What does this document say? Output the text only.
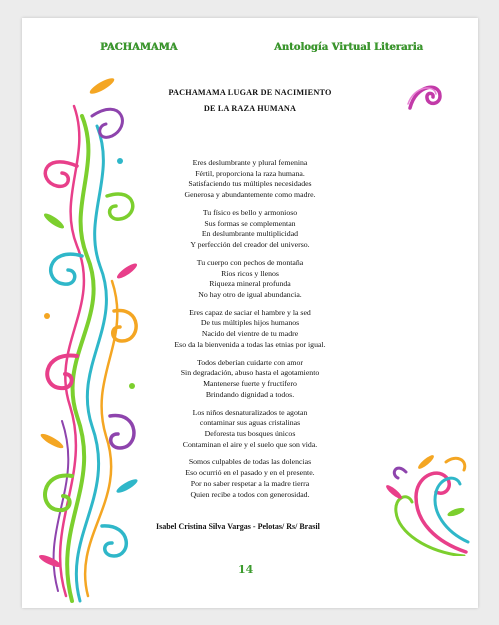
PACHAMAMA	Antología Virtual Literaria
PACHAMAMA LUGAR DE NACIMIENTO
DE LA RAZA HUMANA
Eres deslumbrante y plural femenina
Fértil, proporciona la raza humana.
Satisfaciendo tus múltiples necesidades
Generosa y abundantemente como madre.
Tu físico es bello y armonioso
Sus formas se complementan
En deslumbrante multiplicidad
Y perfección del creador del universo.
Tu cuerpo con pechos de montaña
Ríos ricos y llenos
Riqueza mineral profunda
No hay otro de igual abundancia.
Eres capaz de saciar el hambre y la sed
De tus múltiples hijos humanos
Nacido del vientre de tu madre
Eso da la bienvenida a todas las etnias por igual.
Todos deberían cuidarte con amor
Sin degradación, abuso hasta el agotamiento
Mantenerse fuerte y fructífero
Brindando dignidad a todos.
Los niños desnaturalizados te agotan
contaminar sus aguas cristalinas
Deforesta tus bosques únicos
Contaminan el aire y el suelo que son vida.
Somos culpables de todas las dolencias
Eso ocurrió en el pasado y en el presente.
Por no saber respetar a la madre tierra
Quien recibe a todos con generosidad.
Isabel Cristina Silva Vargas - Pelotas/ Rs/ Brasil
14
